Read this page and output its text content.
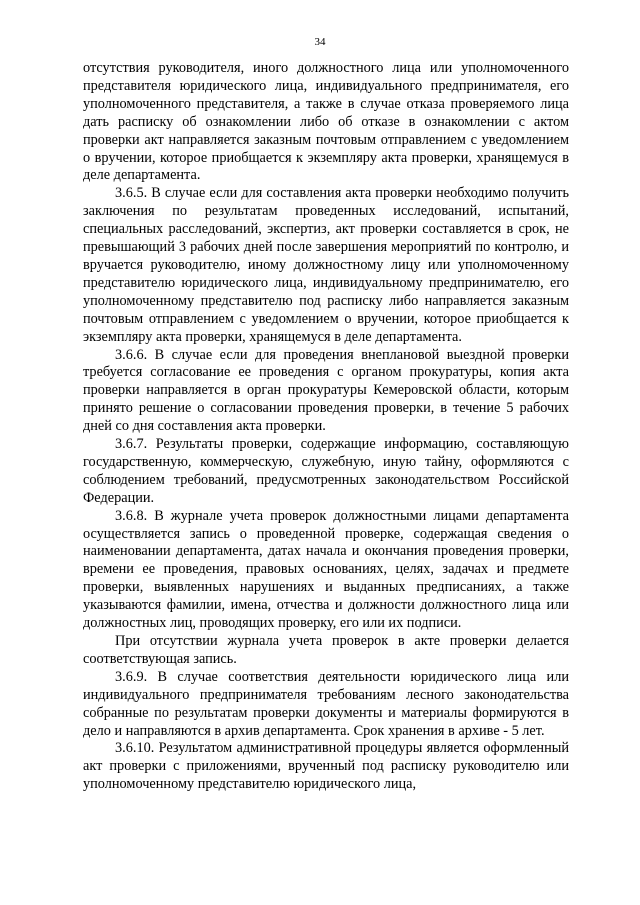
34

отсутствия руководителя, иного должностного лица или уполномоченного представителя юридического лица, индивидуального предпринимателя, его уполномоченного представителя, а также в случае отказа проверяемого лица дать расписку об ознакомлении либо об отказе в ознакомлении с актом проверки акт направляется заказным почтовым отправлением с уведомлением о вручении, которое приобщается к экземпляру акта проверки, хранящемуся в деле департамента.

3.6.5. В случае если для составления акта проверки необходимо получить заключения по результатам проведенных исследований, испытаний, специальных расследований, экспертиз, акт проверки составляется в срок, не превышающий 3 рабочих дней после завершения мероприятий по контролю, и вручается руководителю, иному должностному лицу или уполномоченному представителю юридического лица, индивидуальному предпринимателю, его уполномоченному представителю под расписку либо направляется заказным почтовым отправлением с уведомлением о вручении, которое приобщается к экземпляру акта проверки, хранящемуся в деле департамента.

3.6.6. В случае если для проведения внеплановой выездной проверки требуется согласование ее проведения с органом прокуратуры, копия акта проверки направляется в орган прокуратуры Кемеровской области, которым принято решение о согласовании проведения проверки, в течение 5 рабочих дней со дня составления акта проверки.

3.6.7. Результаты проверки, содержащие информацию, составляющую государственную, коммерческую, служебную, иную тайну, оформляются с соблюдением требований, предусмотренных законодательством Российской Федерации.

3.6.8. В журнале учета проверок должностными лицами департамента осуществляется запись о проведенной проверке, содержащая сведения о наименовании департамента, датах начала и окончания проведения проверки, времени ее проведения, правовых основаниях, целях, задачах и предмете проверки, выявленных нарушениях и выданных предписаниях, а также указываются фамилии, имена, отчества и должности должностного лица или должностных лиц, проводящих проверку, его или их подписи.

При отсутствии журнала учета проверок в акте проверки делается соответствующая запись.

3.6.9. В случае соответствия деятельности юридического лица или индивидуального предпринимателя требованиям лесного законодательства собранные по результатам проверки документы и материалы формируются в дело и направляются в архив департамента. Срок хранения в архиве - 5 лет.

3.6.10. Результатом административной процедуры является оформленный акт проверки с приложениями, врученный под расписку руководителю или уполномоченному представителю юридического лица,
